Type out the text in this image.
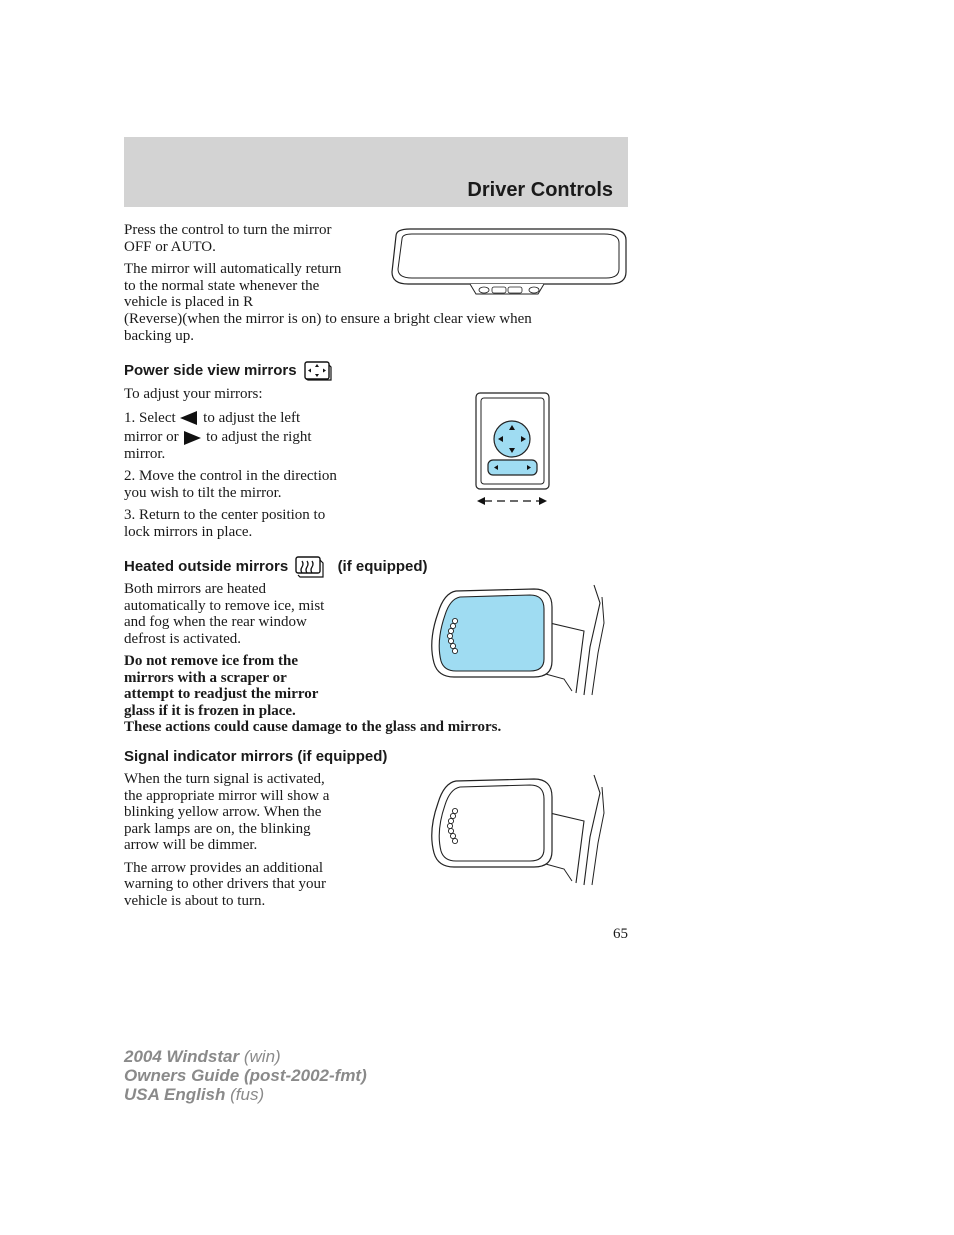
Driver Controls

Press the control to turn the mirror

OFF or AUTO.

The mirror will automatically return

to the normal state whenever the

vehicle is placed in R

(Reverse)(when the mirror is on) to ensure a bright clear view when

backing up.

Power side view mirrors

To adjust your mirrors:

1. Select to adjust the left

mirror or to adjust the right

mirror.

2. Move the control in the direction

you wish to tilt the mirror.

3. Return to the center position to

lock mirrors in place.

Heated outside mirrors	(if equipped)

Both mirrors are heated

automatically to remove ice, mist

and fog when the rear window

defrost is activated.

Do not remove ice from the

mirrors with a scraper or

attempt to readjust the mirror

glass if it is frozen in place.

These actions could cause damage to the glass and mirrors.

Signal indicator mirrors (if equipped)

When the turn signal is activated,

the appropriate mirror will show a

blinking yellow arrow. When the

park lamps are on, the blinking

arrow will be dimmer.

The arrow provides an additional

warning to other drivers that your

vehicle is about to turn.

65
2004 Windstar (win)
Owners Guide (post-2002-fmt)
USA English (fus)
